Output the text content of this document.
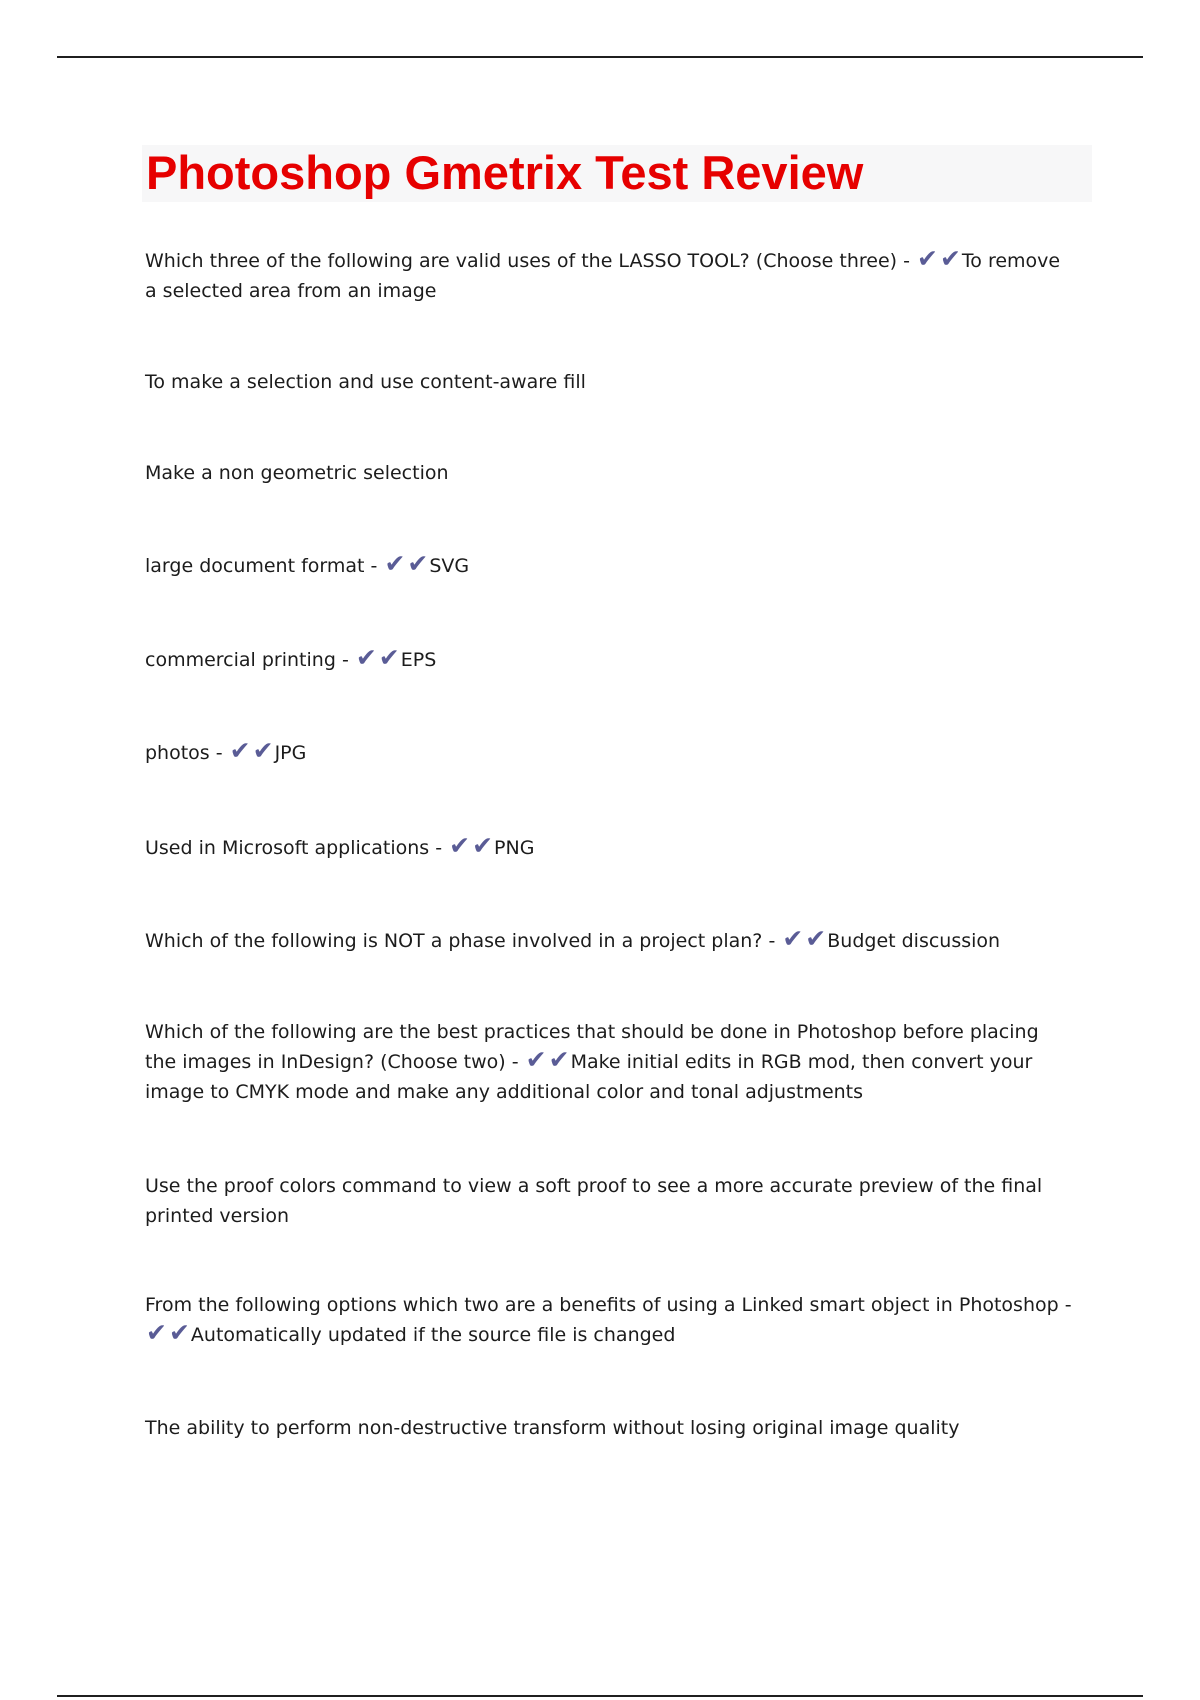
Photoshop Gmetrix Test Review

Which three of the following are valid uses of the LASSO TOOL? (Choose three) - ✔✔To remove a selected area from an image

To make a selection and use content-aware fill

Make a non geometric selection

large document format - ✔✔SVG

commercial printing - ✔✔EPS

photos - ✔✔JPG

Used in Microsoft applications - ✔✔PNG

Which of the following is NOT a phase involved in a project plan? - ✔✔Budget discussion

Which of the following are the best practices that should be done in Photoshop before placing the images in InDesign? (Choose two) - ✔✔Make initial edits in RGB mod, then convert your image to CMYK mode and make any additional color and tonal adjustments

Use the proof colors command to view a soft proof to see a more accurate preview of the final printed version

From the following options which two are a benefits of using a Linked smart object in Photoshop - ✔✔Automatically updated if the source file is changed

The ability to perform non-destructive transform without losing original image quality
